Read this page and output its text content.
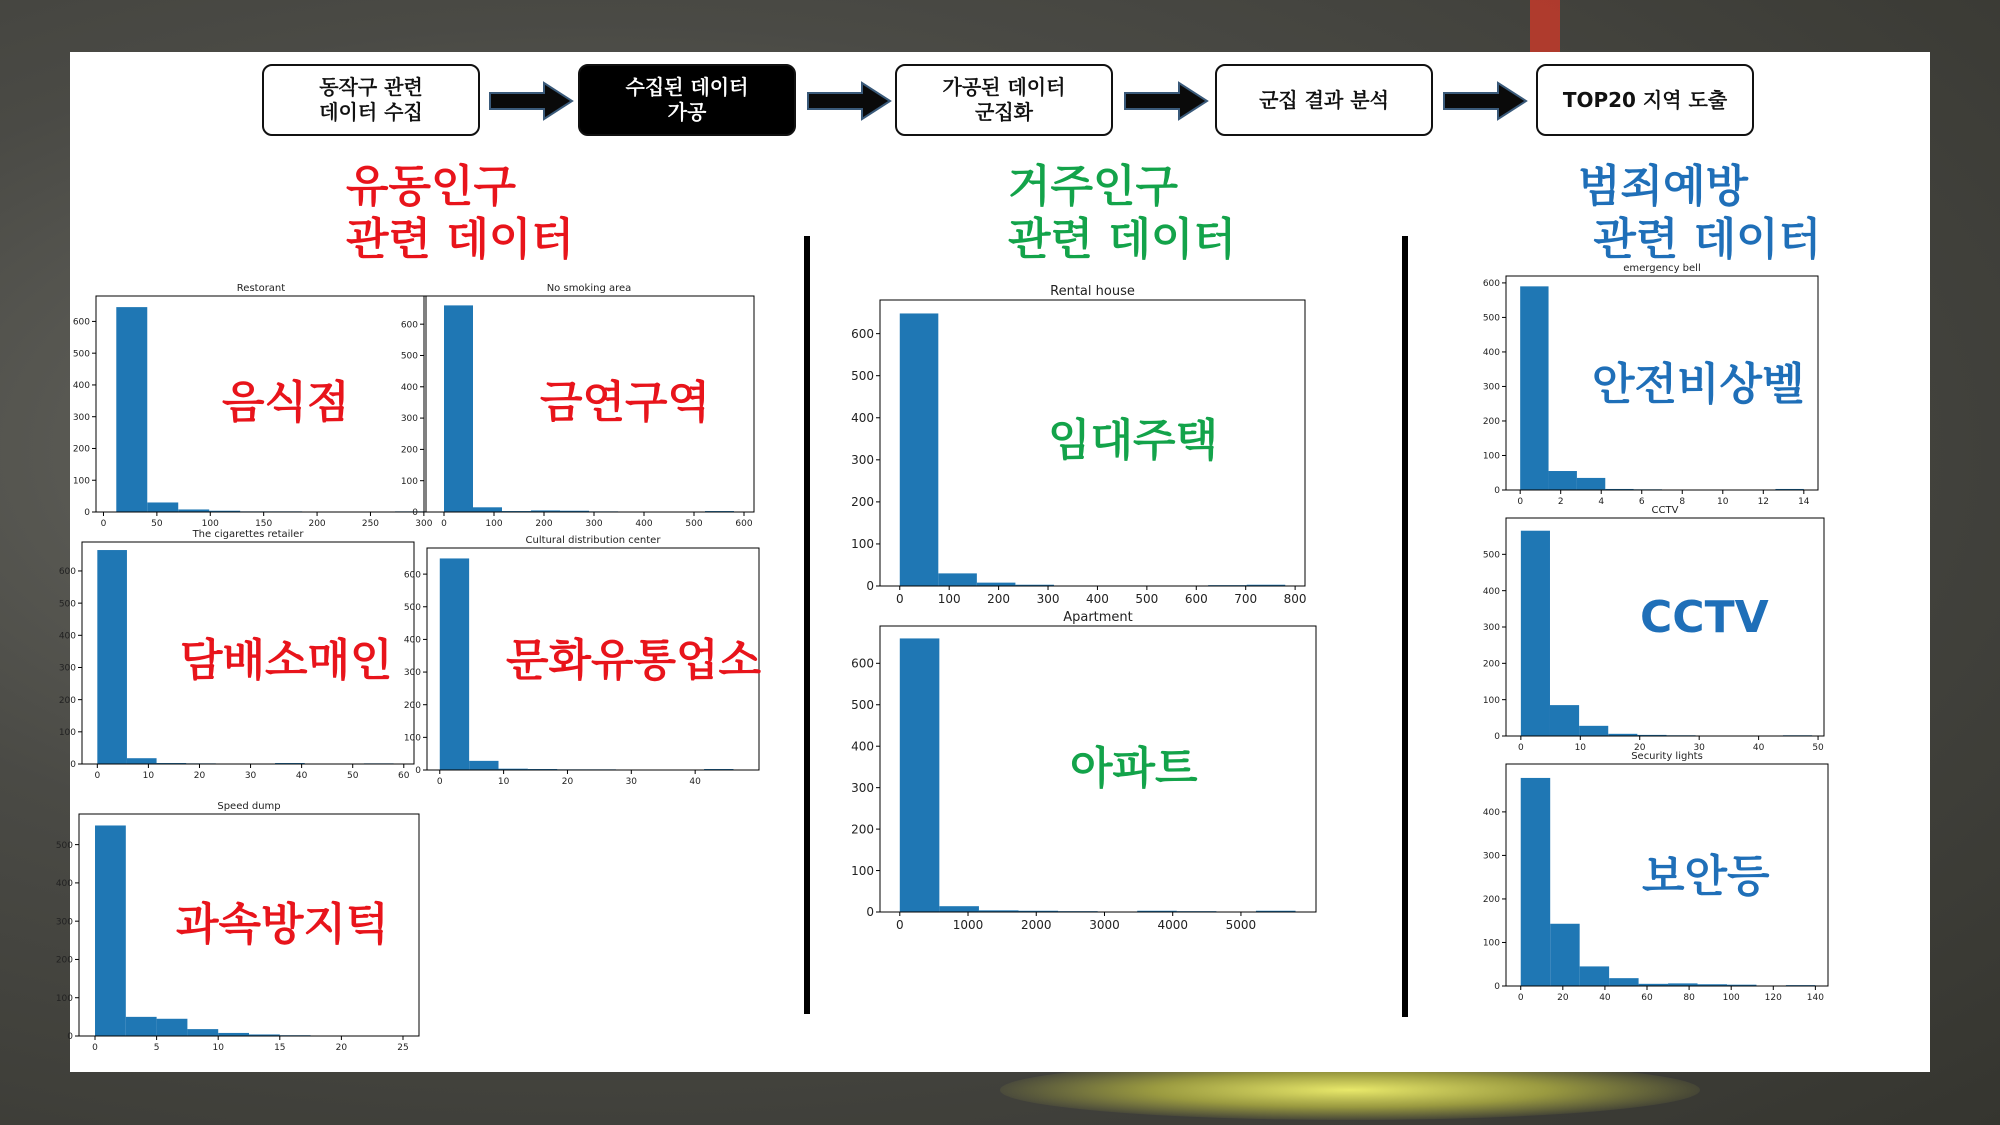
동작구 관련
데이터 수집
수집된 데이터
가공
가공된 데이터
군집화
군집 결과 분석	TOP20 지역 도출
유동인구
관련 데이터
거주인구
관련 데이터
범죄예방
관련 데이터
Restorant
0	50	100	150	200	250	300
0
100
200
300
400
500
600
No smoking area
0	100	200	300	400	500	600
0
100
200
300
400
500
600
The cigarettes retailer
0	10	20	30	40	50	60
0
100
200
300
400
500
600
Cultural distribution center
0	10	20	30	40
0
100
200
300
400
500
600
Speed dump
0	5	10	15	20	25
0
100
200
300
400
500
Rental house
0	100 200 300 400 500 600 700 800
0
100
200
300
400
500
600
Apartment
0	1000	2000	3000	4000	5000
0
100
200
300
400
500
600
emergency bell
0	2	4	6	8	10	12	14
0
100
200
300
400
500
600
CCTV
0	10	20	30	40	50
0
100
200
300
400
500
Security lights
0	20	40	60	80	100	120	140
0
100
200
300
400
음식점	금연구역
담배소매인	문화유통업소
과속방지턱
임대주택
아파트
안전비상벨
CCTV
보안등
